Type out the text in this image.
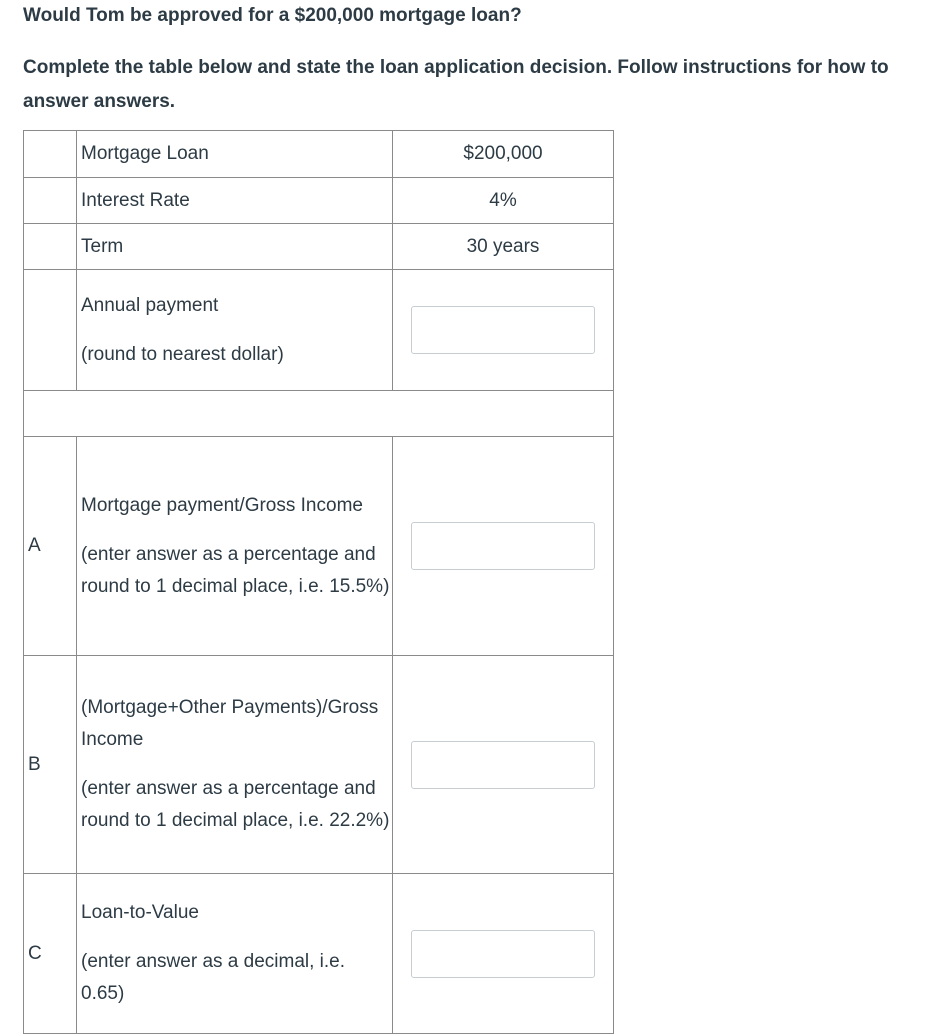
Would Tom be approved for a $200,000 mortgage loan?
Complete the table below and state the loan application decision. Follow instructions for how to answer answers.
	Mortgage Loan	$200,000
	Interest Rate	4%
	Term	30 years

	Annual payment
(round to nearest dollar)

A	Mortgage payment/Gross Income
(enter answer as a percentage and round to 1 decimal place, i.e. 15.5%)

B	(Mortgage+Other Payments)/Gross Income
(enter answer as a percentage and round to 1 decimal place, i.e. 22.2%)

C	Loan-to-Value
(enter answer as a decimal, i.e. 0.65)
